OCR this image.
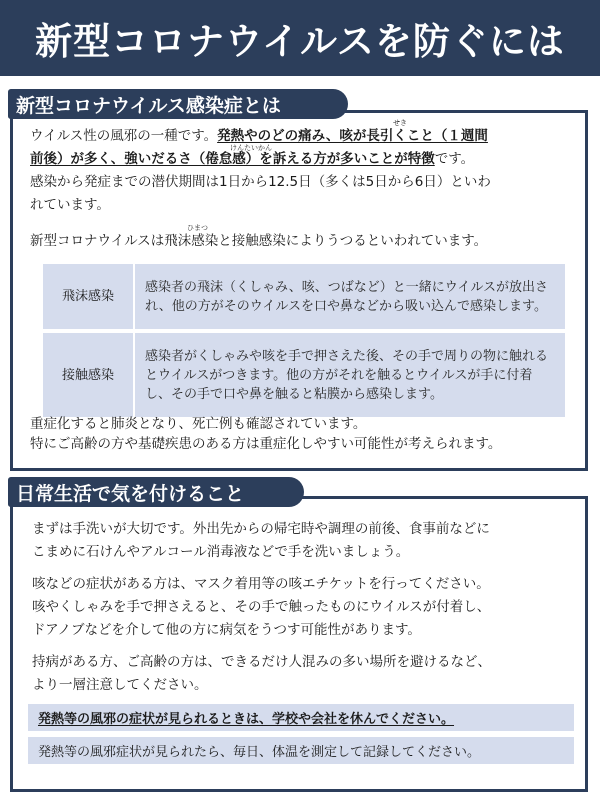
新型コロナウイルスを防ぐには
新型コロナウイルス感染症とは
せき
ウイルス性の風邪の一種です。発熱やのどの痛み、咳が長引くこと（１週間
けんたいかん
前後）が多く、強いだるさ（倦怠感）を訴える方が多いことが特徴です。
感染から発症までの潜伏期間は1日から12.5日（多くは5日から6日）といわ
れています。
ひまつ
新型コロナウイルスは飛沫感染と接触感染によりうつるといわれています。
飛沫感染	感染者の飛沫（くしゃみ、咳、つばなど）と一緒にウイルスが放出され、他の方がそのウイルスを口や鼻などから吸い込んで感染します。
接触感染	感染者がくしゃみや咳を手で押さえた後、その手で周りの物に触れるとウイルスがつきます。他の方がそれを触るとウイルスが手に付着し、その手で口や鼻を触ると粘膜から感染します。
重症化すると肺炎となり、死亡例も確認されています。
特にご高齢の方や基礎疾患のある方は重症化しやすい可能性が考えられます。
日常生活で気を付けること
まずは手洗いが大切です。外出先からの帰宅時や調理の前後、食事前などに
こまめに石けんやアルコール消毒液などで手を洗いましょう。
咳などの症状がある方は、マスク着用等の咳エチケットを行ってください。
咳やくしゃみを手で押さえると、その手で触ったものにウイルスが付着し、
ドアノブなどを介して他の方に病気をうつす可能性があります。
持病がある方、ご高齢の方は、できるだけ人混みの多い場所を避けるなど、
より一層注意してください。
発熱等の風邪の症状が見られるときは、学校や会社を休んでください。
発熱等の風邪症状が見られたら、毎日、体温を測定して記録してください。
